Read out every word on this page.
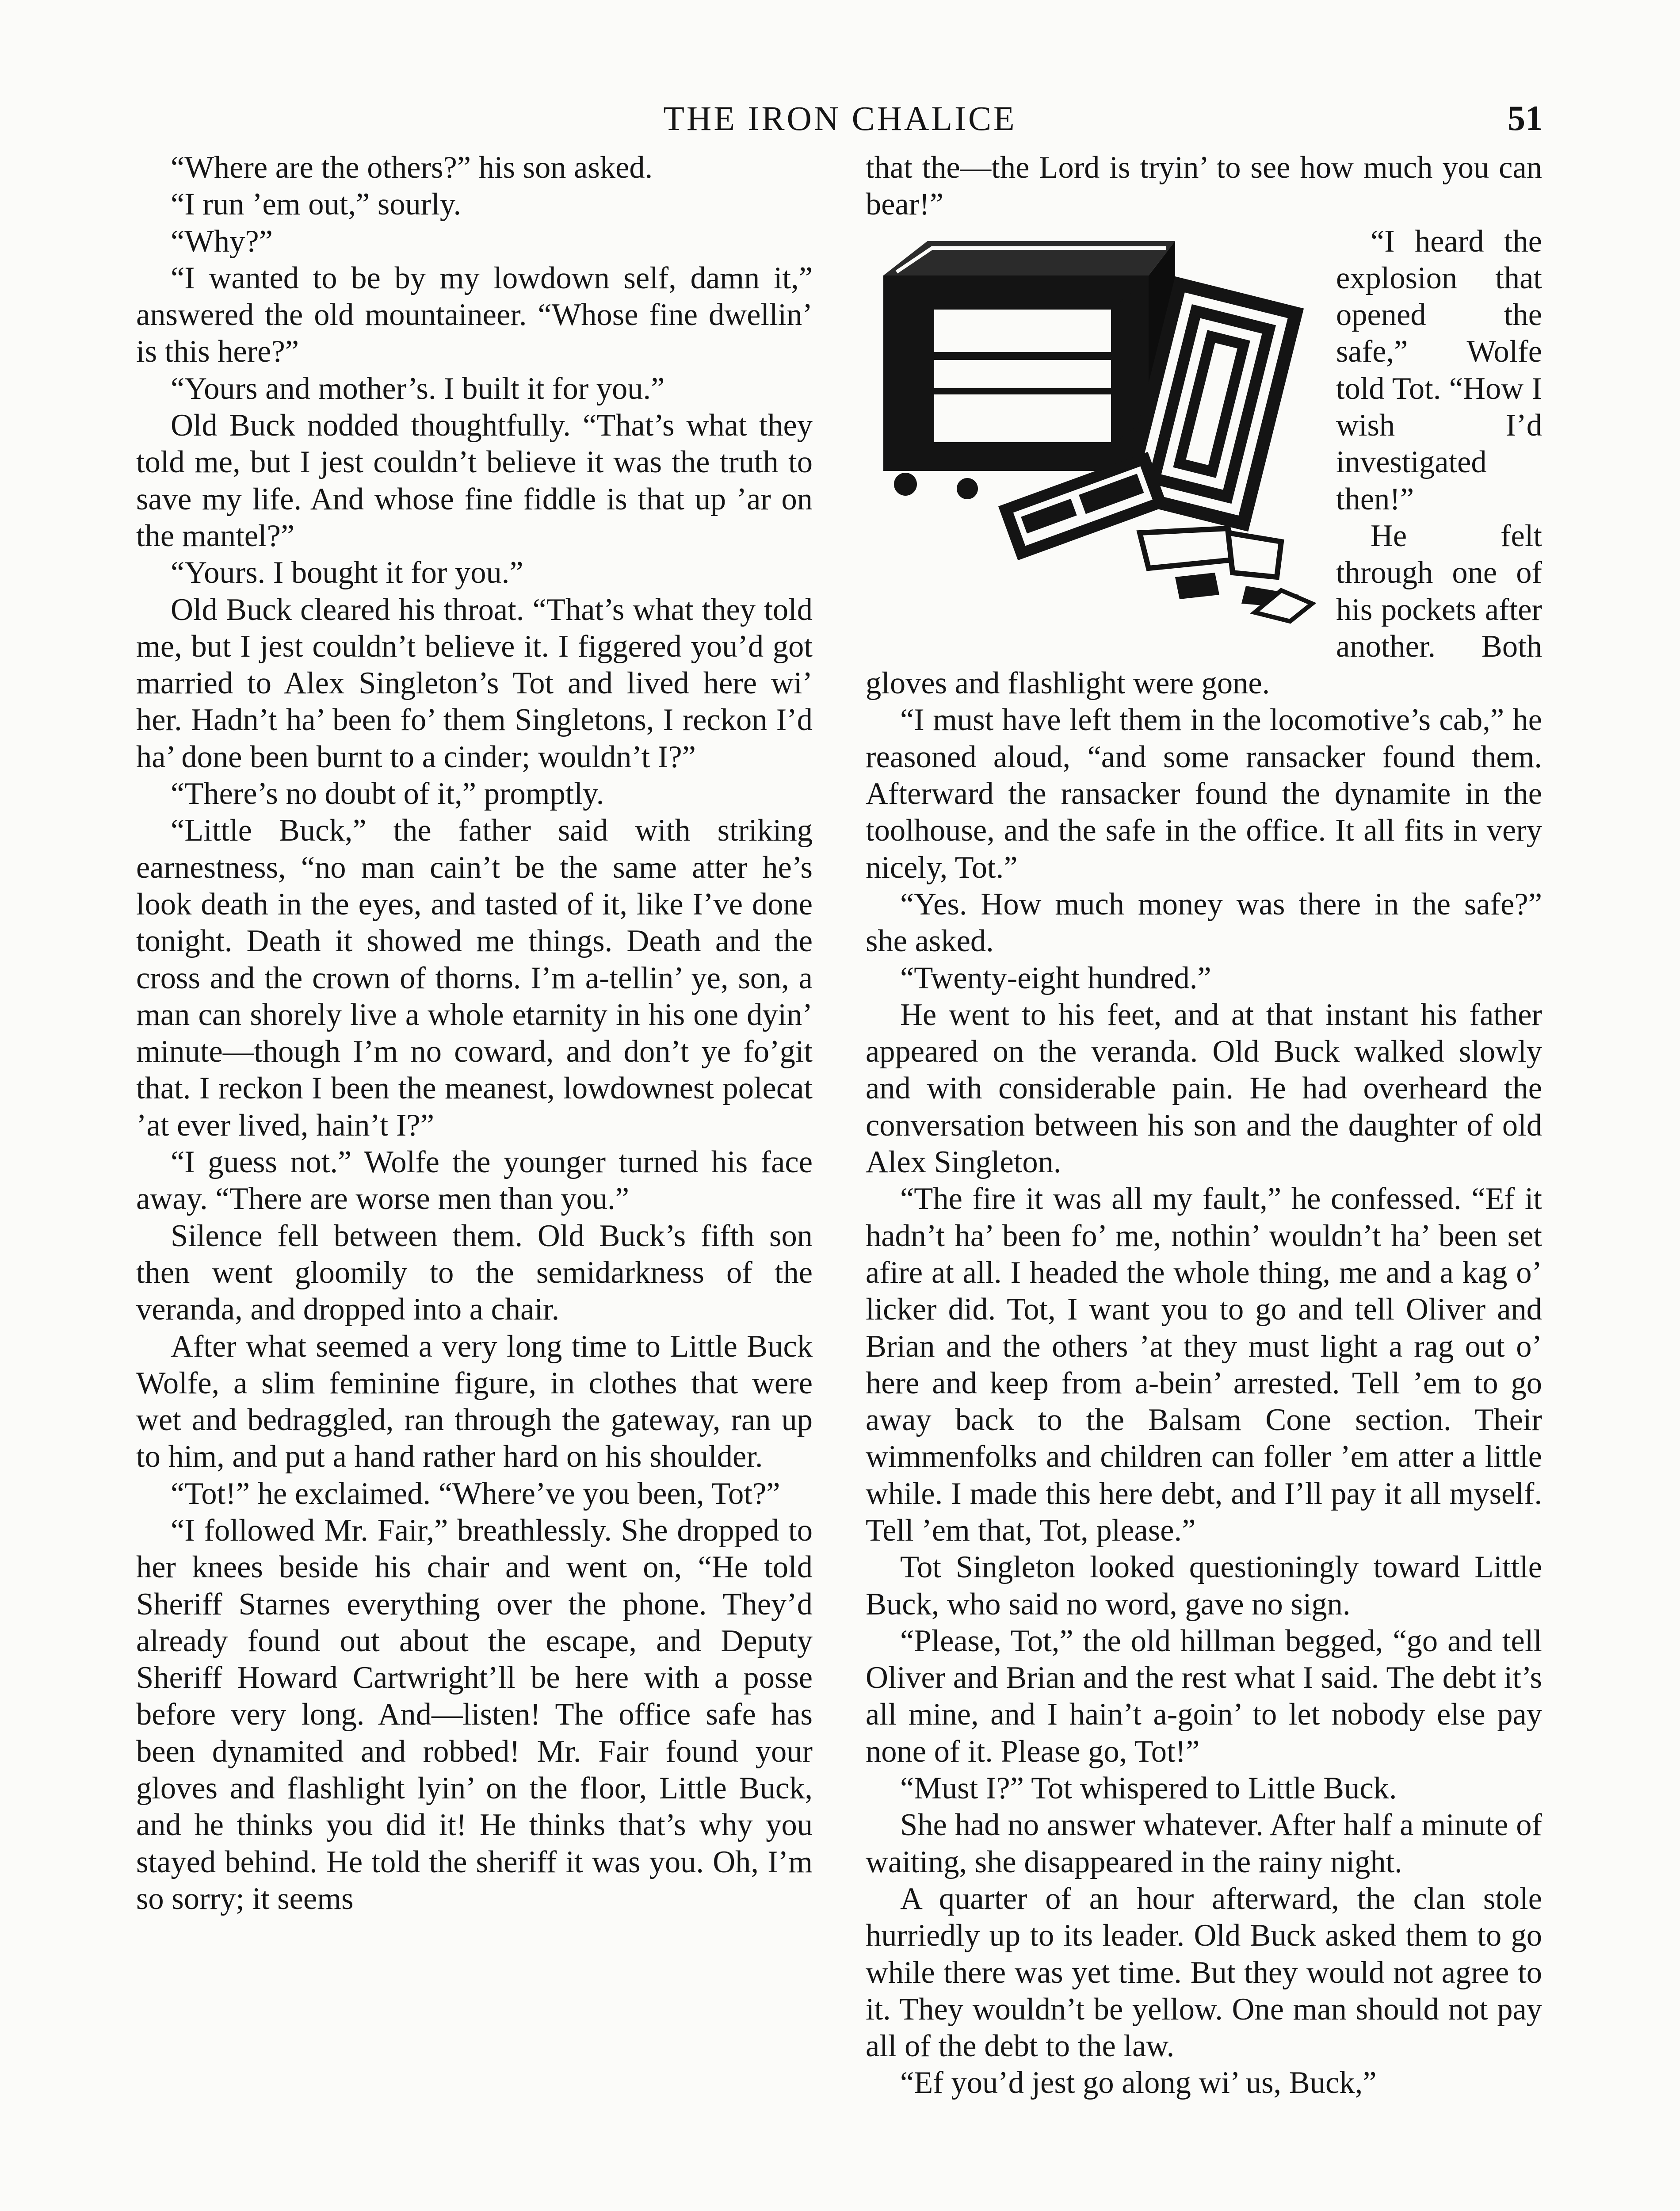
THE IRON CHALICE	51

“Where are the others?” his son asked.

“I run ’em out,” sourly.

“Why?”

“I wanted to be by my lowdown self, damn it,” answered the old mountaineer. “Whose fine dwellin’ is this here?”

“Yours and mother’s. I built it for you.”

Old Buck nodded thoughtfully. “That’s what they told me, but I jest couldn’t believe it was the truth to save my life. And whose fine fiddle is that up ’ar on the mantel?”

“Yours. I bought it for you.”

Old Buck cleared his throat. “That’s what they told me, but I jest couldn’t believe it. I figgered you’d got married to Alex Singleton’s Tot and lived here wi’ her. Hadn’t ha’ been fo’ them Singletons, I reckon I’d ha’ done been burnt to a cinder; wouldn’t I?”

“There’s no doubt of it,” promptly.

“Little Buck,” the father said with striking earnestness, “no man cain’t be the same atter he’s look death in the eyes, and tasted of it, like I’ve done tonight. Death it showed me things. Death and the cross and the crown of thorns. I’m a-tellin’ ye, son, a man can shorely live a whole etarnity in his one dyin’ minute—though I’m no coward, and don’t ye fo’git that. I reckon I been the meanest, lowdownest polecat ’at ever lived, hain’t I?”

“I guess not.” Wolfe the younger turned his face away. “There are worse men than you.”

Silence fell between them. Old Buck’s fifth son then went gloomily to the semidarkness of the veranda, and dropped into a chair.

After what seemed a very long time to Little Buck Wolfe, a slim feminine figure, in clothes that were wet and bedraggled, ran through the gateway, ran up to him, and put a hand rather hard on his shoulder.

“Tot!” he exclaimed. “Where’ve you been, Tot?”

“I followed Mr. Fair,” breathlessly. She dropped to her knees beside his chair and went on, “He told Sheriff Starnes everything over the phone. They’d already found out about the escape, and Deputy Sheriff Howard Cartwright’ll be here with a posse before very long. And—listen! The office safe has been dynamited and robbed! Mr. Fair found your gloves and flashlight lyin’ on the floor, Little Buck, and he thinks you did it! He thinks that’s why you stayed behind. He told the sheriff it was you. Oh, I’m so sorry; it seems

that the—the Lord is tryin’ to see how much you can bear!”

“I heard the explosion that opened the safe,” Wolfe told Tot. “How I wish I’d investigated then!”

He felt through one of his pockets after another. Both gloves and flashlight were gone.

“I must have left them in the locomotive’s cab,” he reasoned aloud, “and some ransacker found them. Afterward the ransacker found the dynamite in the toolhouse, and the safe in the office. It all fits in very nicely, Tot.”

“Yes. How much money was there in the safe?” she asked.

“Twenty-eight hundred.”

He went to his feet, and at that instant his father appeared on the veranda. Old Buck walked slowly and with considerable pain. He had overheard the conversation between his son and the daughter of old Alex Singleton.

“The fire it was all my fault,” he confessed. “Ef it hadn’t ha’ been fo’ me, nothin’ wouldn’t ha’ been set afire at all. I headed the whole thing, me and a kag o’ licker did. Tot, I want you to go and tell Oliver and Brian and the others ’at they must light a rag out o’ here and keep from a-bein’ arrested. Tell ’em to go away back to the Balsam Cone section. Their wimmenfolks and children can foller ’em atter a little while. I made this here debt, and I’ll pay it all myself. Tell ’em that, Tot, please.”

Tot Singleton looked questioningly toward Little Buck, who said no word, gave no sign.

“Please, Tot,” the old hillman begged, “go and tell Oliver and Brian and the rest what I said. The debt it’s all mine, and I hain’t a-goin’ to let nobody else pay none of it. Please go, Tot!”

“Must I?” Tot whispered to Little Buck.

She had no answer whatever. After half a minute of waiting, she disappeared in the rainy night.

A quarter of an hour afterward, the clan stole hurriedly up to its leader. Old Buck asked them to go while there was yet time. But they would not agree to it. They wouldn’t be yellow. One man should not pay all of the debt to the law.

“Ef you’d jest go along wi’ us, Buck,”
